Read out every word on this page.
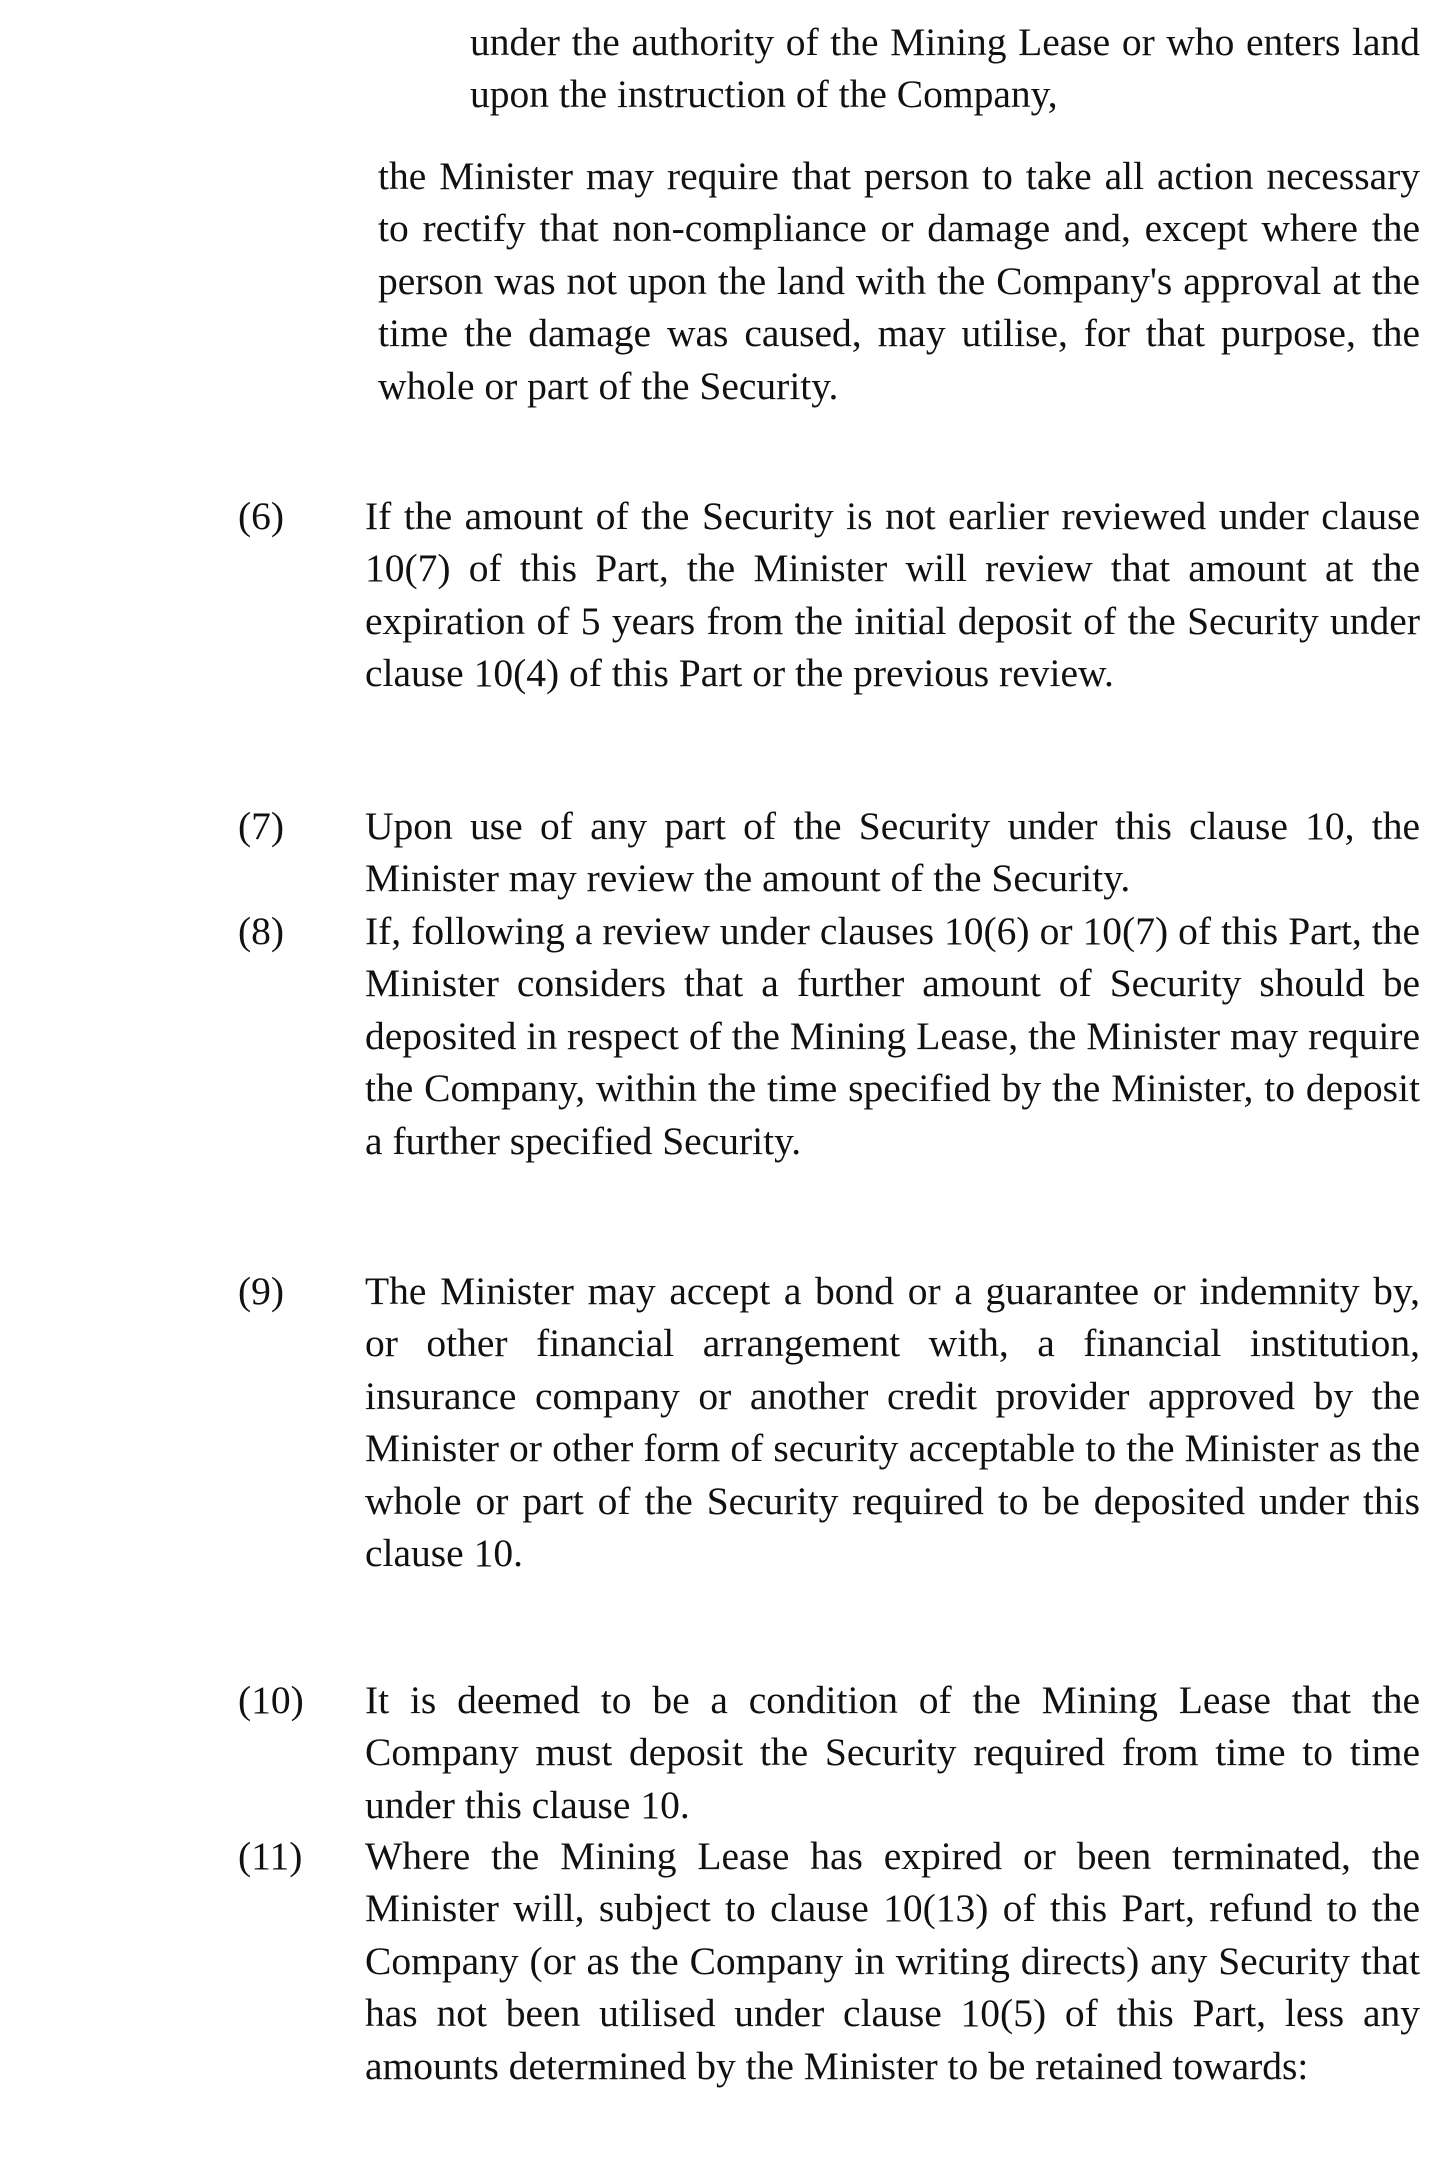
under the authority of the Mining Lease or who enters land upon the instruction of the Company,

the Minister may require that person to take all action necessary to rectify that non-compliance or damage and, except where the person was not upon the land with the Company's approval at the time the damage was caused, may utilise, for that purpose, the whole or part of the Security.

(6)	If the amount of the Security is not earlier reviewed under clause 10(7) of this Part, the Minister will review that amount at the expiration of 5 years from the initial deposit of the Security under clause 10(4) of this Part or the previous review.

(7)	Upon use of any part of the Security under this clause 10, the Minister may review the amount of the Security.

(8)	If, following a review under clauses 10(6) or 10(7) of this Part, the Minister considers that a further amount of Security should be deposited in respect of the Mining Lease, the Minister may require the Company, within the time specified by the Minister, to deposit a further specified Security.

(9)	The Minister may accept a bond or a guarantee or indemnity by, or other financial arrangement with, a financial institution, insurance company or another credit provider approved by the Minister or other form of security acceptable to the Minister as the whole or part of the Security required to be deposited under this clause 10.

(10)	It is deemed to be a condition of the Mining Lease that the Company must deposit the Security required from time to time under this clause 10.

(11)	Where the Mining Lease has expired or been terminated, the Minister will, subject to clause 10(13) of this Part, refund to the Company (or as the Company in writing directs) any Security that has not been utilised under clause 10(5) of this Part, less any amounts determined by the Minister to be retained towards:
